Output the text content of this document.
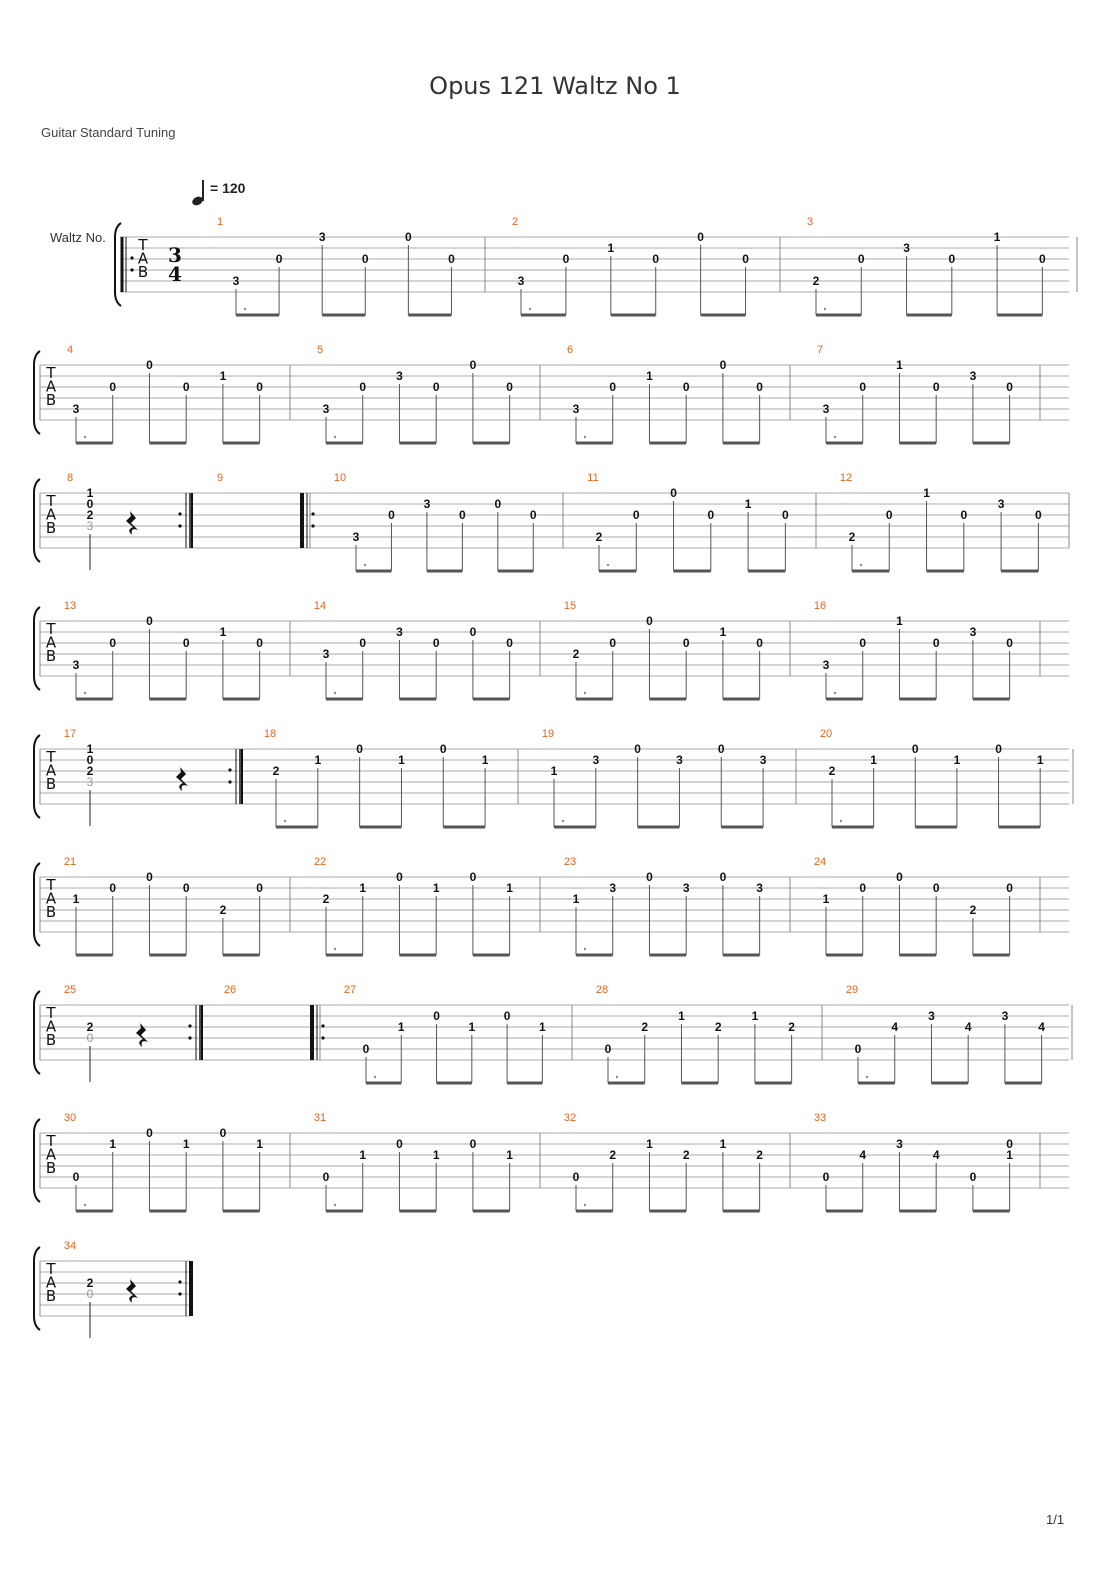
Opus 121 Waltz No 1
Guitar Standard Tuning
= 120
Waltz No. T
A
B
3
4
1
3
0
3
0
0
0
2
3
0
1
0
0
0
3
2
0
3
0
1
0
T
A
B
4
3
0
0
0
1
0
5
3
0
3
0
0
0
6
3
0
1
0
0
0
7
3
0
1
0
3
0
T
A
B
8
1
0
2
3
9	10
3
0
3
0
0
0
11
2
0
0
0
1
0
12
2
0
1
0
3
0
T
A
B
13
3
0
0
0
1
0
14
3
0
3
0
0
0
15
2
0
0
0
1
0
16
3
0
1
0
3
0
T
A
B
17
1
0
2
3
18
2
1
0
1
0
1
19
1
3
0
3
0
3
20
2
1
0
1
0
1
T
A
B
21
1
0
0
0
2
0
22
2
1
0
1
0
1
23
1
3
0
3
0
3
24
1
0
0
0
2
0
T
A
B
25
2
0
26	27
0
1
0
1
0
1
28
0
2
1
2
1
2
29
0
4
3
4
3
4
T
A
B
30
0
1
0
1
0
1
31
0
1
0
1
0
1
32
0
2
1
2
1
2
33
0
4
3
4
0
0
1
T
A
B
34
2
0
1/1
